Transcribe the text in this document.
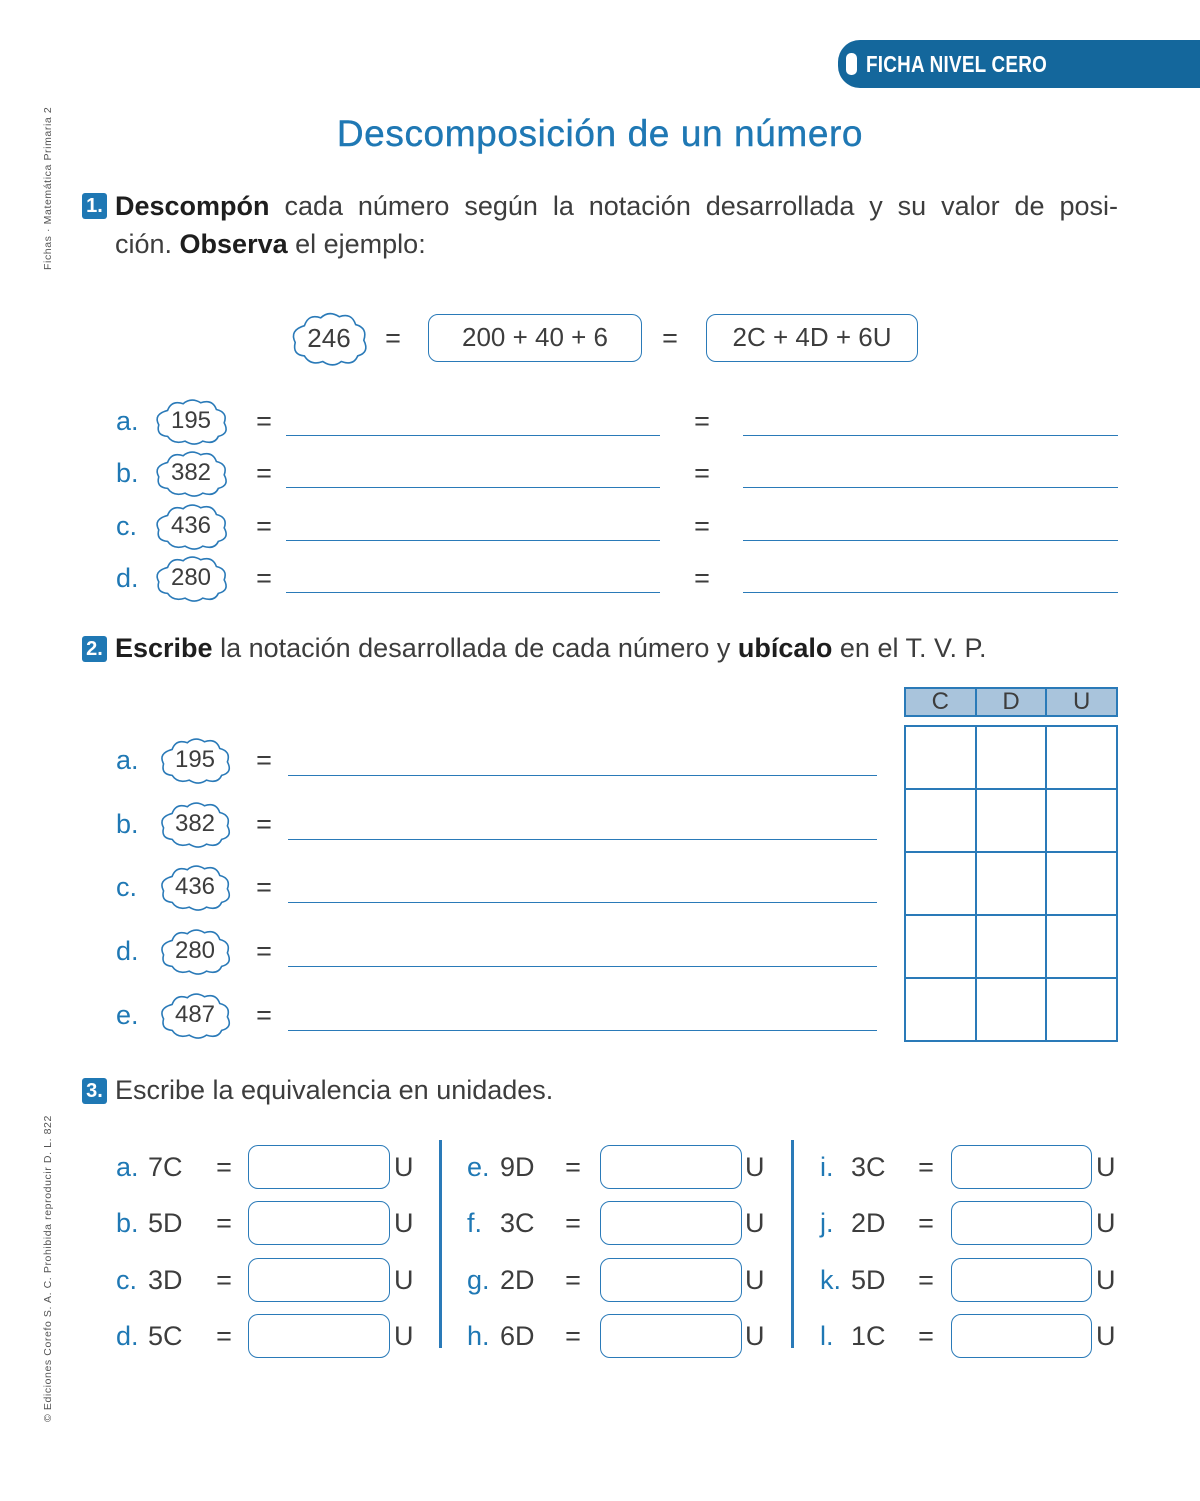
FICHA NIVEL CERO
Fichas · Matemática Primaria 2
© Ediciones Corefo S. A. C. Prohibida reproducir D. L. 822
Descomposición de un número
1. Descompón cada número según la notación desarrollada y su valor de posi-
ción. Observa el ejemplo:
246	=	200 + 40 + 6	=	2C + 4D + 6U
a.	195	=	=
b.	382	=	=
c.	436	=	=
d.	280	=	=
2. Escribe la notación desarrollada de cada número y ubícalo en el T. V. P.
C	D	U
a.	195	=
b.	382	=
c.	436	=
d.	280	=
e.	487	=
3. Escribe la equivalencia en unidades.
a. 7C =	U
b. 5D =	U
c. 3D =	U
d. 5C =	U
e. 9D =	U
f. 3C =	U
g. 2D =	U
h. 6D =	U
i. 3C =	U
j. 2D =	U
k. 5D =	U
l. 1C =	U
